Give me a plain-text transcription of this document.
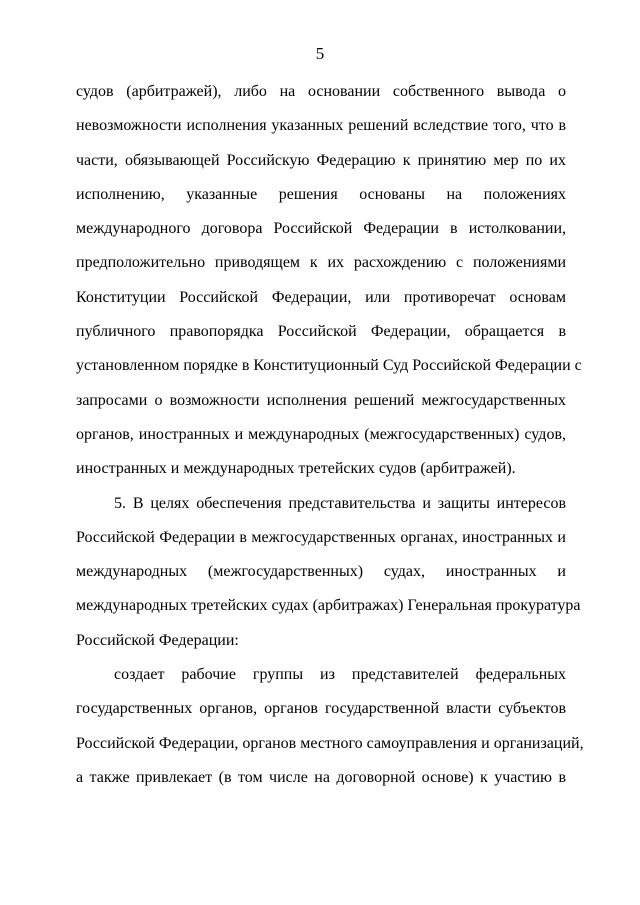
5
судов (арбитражей), либо на основании собственного вывода о
невозможности исполнения указанных решений вследствие того, что в
части, обязывающей Российскую Федерацию к принятию мер по их
исполнению, указанные решения основаны на положениях
международного договора Российской Федерации в истолковании,
предположительно приводящем к их расхождению с положениями
Конституции Российской Федерации, или противоречат основам
публичного правопорядка Российской Федерации, обращается в
установленном порядке в Конституционный Суд Российской Федерации с
запросами о возможности исполнения решений межгосударственных
органов, иностранных и международных (межгосударственных) судов,
иностранных и международных третейских судов (арбитражей).
5. В целях обеспечения представительства и защиты интересов
Российской Федерации в межгосударственных органах, иностранных и
международных (межгосударственных) судах, иностранных и
международных третейских судах (арбитражах) Генеральная прокуратура
Российской Федерации:
создает рабочие группы из представителей федеральных
государственных органов, органов государственной власти субъектов
Российской Федерации, органов местного самоуправления и организаций,
а также привлекает (в том числе на договорной основе) к участию в
